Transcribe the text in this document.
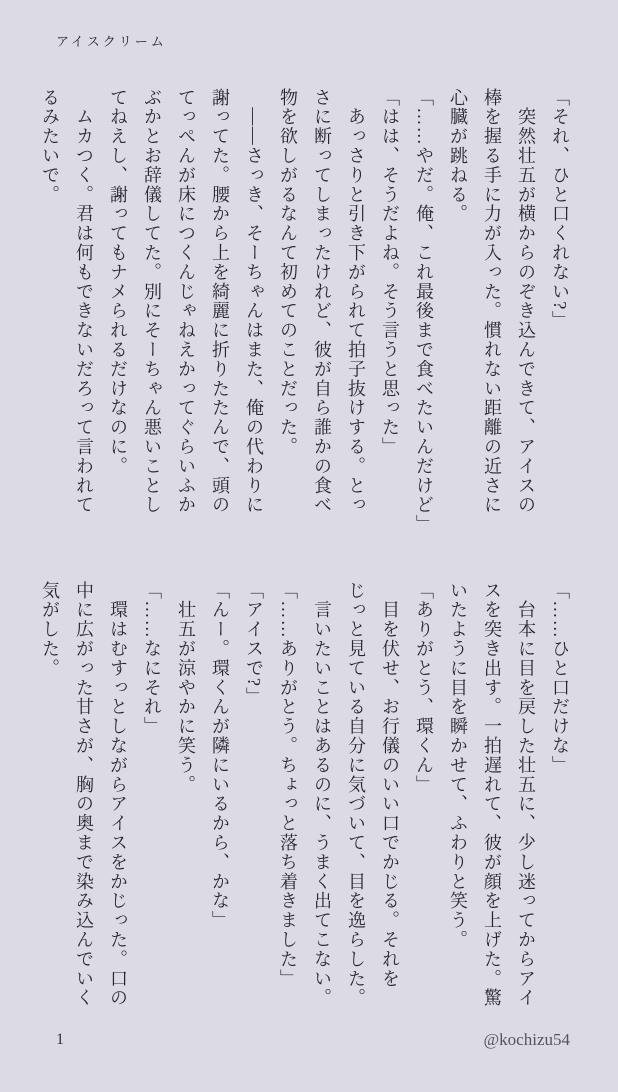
アイスクリーム

「それ、ひと口くれない?」

　突然壮五が横からのぞき込んできて、アイスの

棒を握る手に力が入った。慣れない距離の近さに

心臓が跳ねる。

「……やだ。俺、これ最後まで食べたいんだけど」

「はは、そうだよね。そう言うと思った」

　あっさりと引き下がられて拍子抜けする。とっ

さに断ってしまったけれど、彼が自ら誰かの食べ

物を欲しがるなんて初めてのことだった。

　――さっき、そーちゃんはまた、俺の代わりに

謝ってた。腰から上を綺麗に折りたたんで、頭の

てっぺんが床につくんじゃねえかってぐらいふか

ぶかとお辞儀してた。別にそーちゃん悪いことし

てねえし、謝ってもナメられるだけなのに。

　ムカつく。君は何もできないだろって言われて

るみたいで。

「……ひと口だけな」

　台本に目を戻した壮五に、少し迷ってからアイ

スを突き出す。一拍遅れて、彼が顔を上げた。驚

いたように目を瞬かせて、ふわりと笑う。

「ありがとう、環くん」

　目を伏せ、お行儀のいい口でかじる。それを

じっと見ている自分に気づいて、目を逸らした。

　言いたいことはあるのに、うまく出てこない。

「……ありがとう。ちょっと落ち着きました」

「アイスで?」

「んー。環くんが隣にいるから、かな」

　壮五が涼やかに笑う。

「……なにそれ」

　環はむすっとしながらアイスをかじった。口の

中に広がった甘さが、胸の奥まで染み込んでいく

気がした。

1	@kochizu54
